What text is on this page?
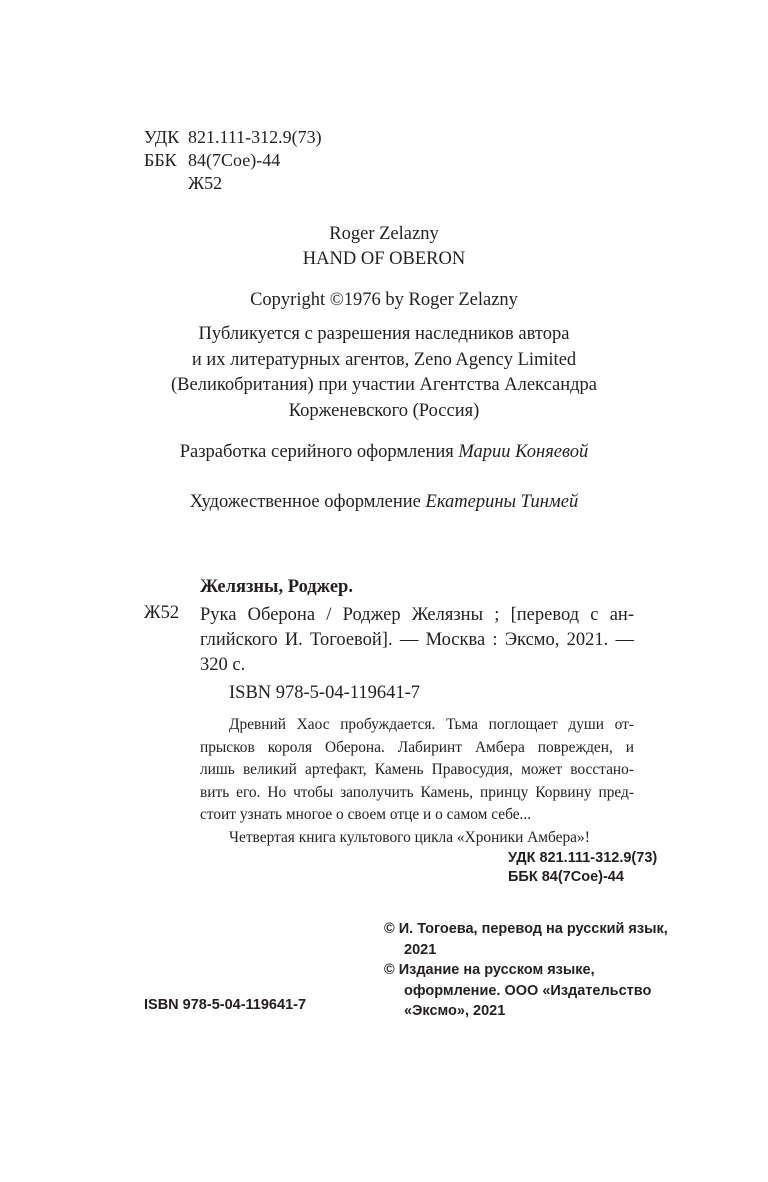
УДК 821.111-312.9(73)
ББК 84(7Сое)-44
Ж52
Roger Zelazny
HAND OF OBERON
Copyright ©1976 by Roger Zelazny
Публикуется с разрешения наследников автора
и их литературных агентов, Zeno Agency Limited
(Великобритания) при участии Агентства Александра
Корженевского (Россия)
Разработка серийного оформления Марии Коняевой
Художественное оформление Екатерины Тинмей
Желязны, Роджер.
Ж52 Рука Оберона / Роджер Желязны ; [перевод с ан-
глийского И. Тогоевой]. — Москва : Эксмо, 2021. —
320 с.
ISBN 978-5-04-119641-7
Древний Хаос пробуждается. Тьма поглощает души от-
прысков короля Оберона. Лабиринт Амбера поврежден, и
лишь великий артефакт, Камень Правосудия, может восстано-
вить его. Но чтобы заполучить Камень, принцу Корвину пред-
стоит узнать многое о своем отце и о самом себе...
Четвертая книга культового цикла «Хроники Амбера»!
УДК 821.111-312.9(73)
ББК 84(7Сое)-44
© И. Тогоева, перевод на русский язык, 2021
© Издание на русском языке, оформление. ООО «Издательство «Эксмо», 2021
ISBN 978-5-04-119641-7
